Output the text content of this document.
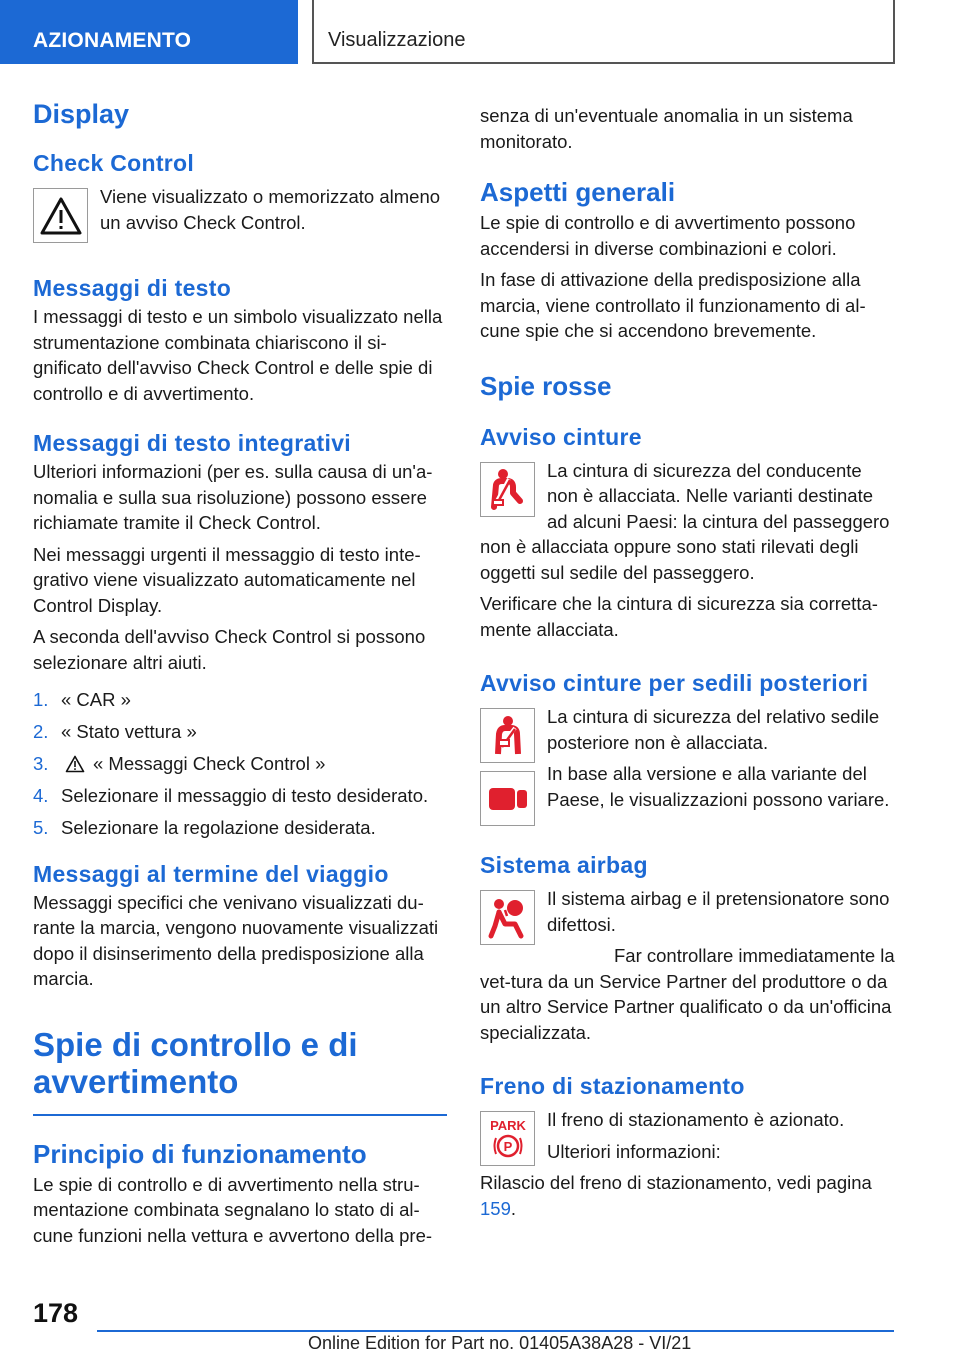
AZIONAMENTO	Visualizzazione
Display
Check Control

Viene visualizzato o memorizzato almeno un avviso Check Control.

Messaggi di testo

I messaggi di testo e un simbolo visualizzato nella strumentazione combinata chiariscono il si-gnificato dell'avviso Check Control e delle spie di controllo e di avvertimento.

Messaggi di testo integrativi

Ulteriori informazioni (per es. sulla causa di un'a-nomalia e sulla sua risoluzione) possono essere richiamate tramite il Check Control.

Nei messaggi urgenti il messaggio di testo inte-grativo viene visualizzato automaticamente nel Control Display.

A seconda dell'avviso Check Control si possono selezionare altri aiuti.

1. « CAR »
2. « Stato vettura »
3.	« Messaggi Check Control »
4. Selezionare il messaggio di testo desiderato.
5. Selezionare la regolazione desiderata.
Messaggi al termine del viaggio

Messaggi specifici che venivano visualizzati du-rante la marcia, vengono nuovamente visualizzati dopo il disinserimento della predisposizione alla marcia.

Spie di controllo e di avvertimento
Principio di funzionamento

Le spie di controllo e di avvertimento nella stru-mentazione combinata segnalano lo stato di al-cune funzioni nella vettura e avvertono della pre-

senza di un'eventuale anomalia in un sistema monitorato.

Aspetti generali

Le spie di controllo e di avvertimento possono accendersi in diverse combinazioni e colori.

In fase di attivazione della predisposizione alla marcia, viene controllato il funzionamento di al-cune spie che si accendono brevemente.

Spie rosse
Avviso cinture

La cintura di sicurezza del conducente non è allacciata. Nelle varianti destinate ad alcuni Paesi: la cintura del passeggero non è allacciata oppure sono stati rilevati degli oggetti sul sedile del passeggero.

Verificare che la cintura di sicurezza sia corretta-mente allacciata.

Avviso cinture per sedili posteriori

La cintura di sicurezza del relativo sedile posteriore non è allacciata.

In base alla versione e alla variante del Paese, le visualizzazioni possono variare.

Sistema airbag

Il sistema airbag e il pretensionatore sono difettosi.

Far controllare immediatamente la vet-tura da un Service Partner del produttore o da un altro Service Partner qualificato o da un'officina specializzata.

Freno di stazionamento
PARK
P

Il freno di stazionamento è azionato.

Ulteriori informazioni:

Rilascio del freno di stazionamento, vedi pagina 159.

178
Online Edition for Part no. 01405A38A28 - VI/21
